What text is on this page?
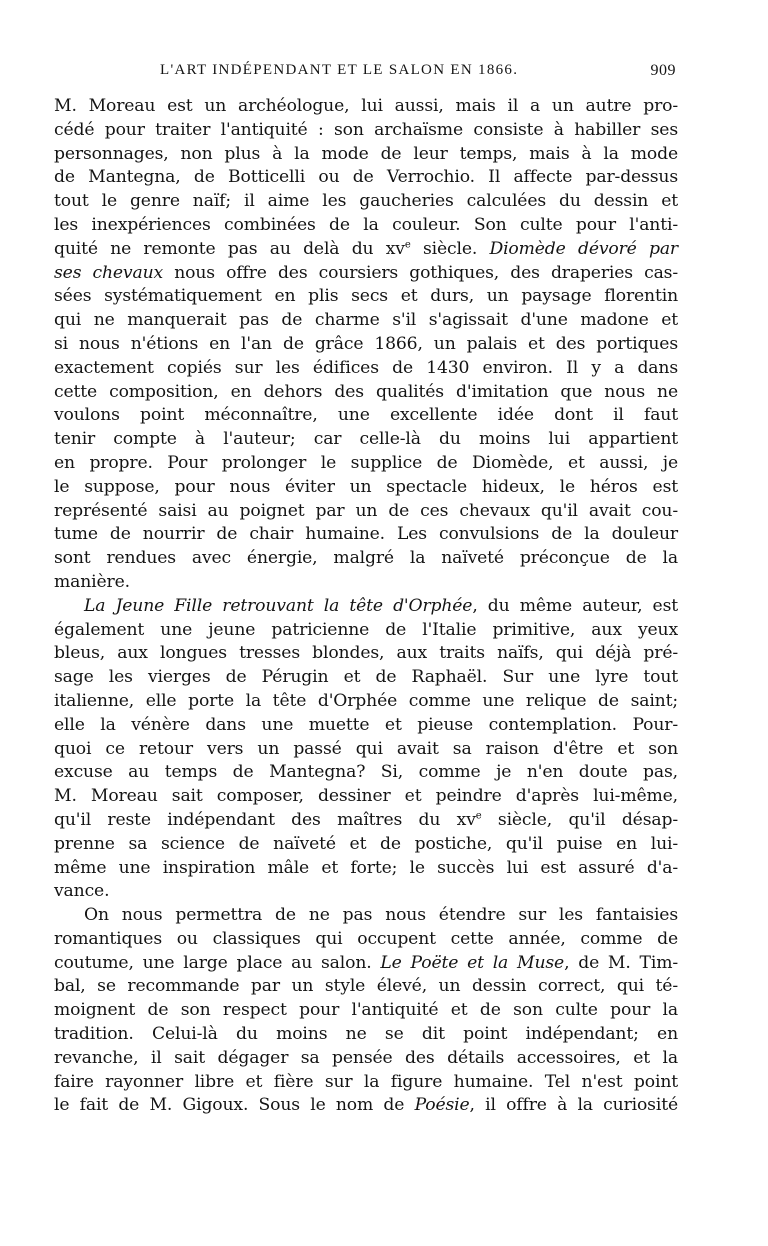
L'ART INDÉPENDANT ET LE SALON EN 1866.	909
M. Moreau est un archéologue, lui aussi, mais il a un autre pro-
cédé pour traiter l'antiquité : son archaïsme consiste à habiller ses
personnages, non plus à la mode de leur temps, mais à la mode
de Mantegna, de Botticelli ou de Verrochio. Il affecte par-dessus
tout le genre naïf; il aime les gaucheries calculées du dessin et
les inexpériences combinées de la couleur. Son culte pour l'anti-
quité ne remonte pas au delà du $xv^e$ siècle. Diomède dévoré par
ses chevaux nous offre des coursiers gothiques, des draperies cas-
sées systématiquement en plis secs et durs, un paysage florentin
qui ne manquerait pas de charme s'il s'agissait d'une madone et
si nous n'étions en l'an de grâce 1866, un palais et des portiques
exactement copiés sur les édifices de 1430 environ. Il y a dans
cette composition, en dehors des qualités d'imitation que nous ne
voulons point méconnaître, une excellente idée dont il faut
tenir compte à l'auteur; car celle-là du moins lui appartient
en propre. Pour prolonger le supplice de Diomède, et aussi, je
le suppose, pour nous éviter un spectacle hideux, le héros est
représenté saisi au poignet par un de ces chevaux qu'il avait cou-
tume de nourrir de chair humaine. Les convulsions de la douleur
sont rendues avec énergie, malgré la naïveté préconçue de la
manière.
La Jeune Fille retrouvant la tête d'Orphée, du même auteur, est
également une jeune patricienne de l'Italie primitive, aux yeux
bleus, aux longues tresses blondes, aux traits naïfs, qui déjà pré-
sage les vierges de Pérugin et de Raphaël. Sur une lyre tout
italienne, elle porte la tête d'Orphée comme une relique de saint;
elle la vénère dans une muette et pieuse contemplation. Pour-
quoi ce retour vers un passé qui avait sa raison d'être et son
excuse au temps de Mantegna? Si, comme je n'en doute pas,
M. Moreau sait composer, dessiner et peindre d'après lui-même,
qu'il reste indépendant des maîtres du $xv^e$ siècle, qu'il désap-
prenne sa science de naïveté et de postiche, qu'il puise en lui-
même une inspiration mâle et forte; le succès lui est assuré d'a-
vance.
On nous permettra de ne pas nous étendre sur les fantaisies
romantiques ou classiques qui occupent cette année, comme de
coutume, une large place au salon. Le Poëte et la Muse, de M. Tim-
bal, se recommande par un style élevé, un dessin correct, qui té-
moignent de son respect pour l'antiquité et de son culte pour la
tradition. Celui-là du moins ne se dit point indépendant; en
revanche, il sait dégager sa pensée des détails accessoires, et la
faire rayonner libre et fière sur la figure humaine. Tel n'est point
le fait de M. Gigoux. Sous le nom de Poésie, il offre à la curiosité
